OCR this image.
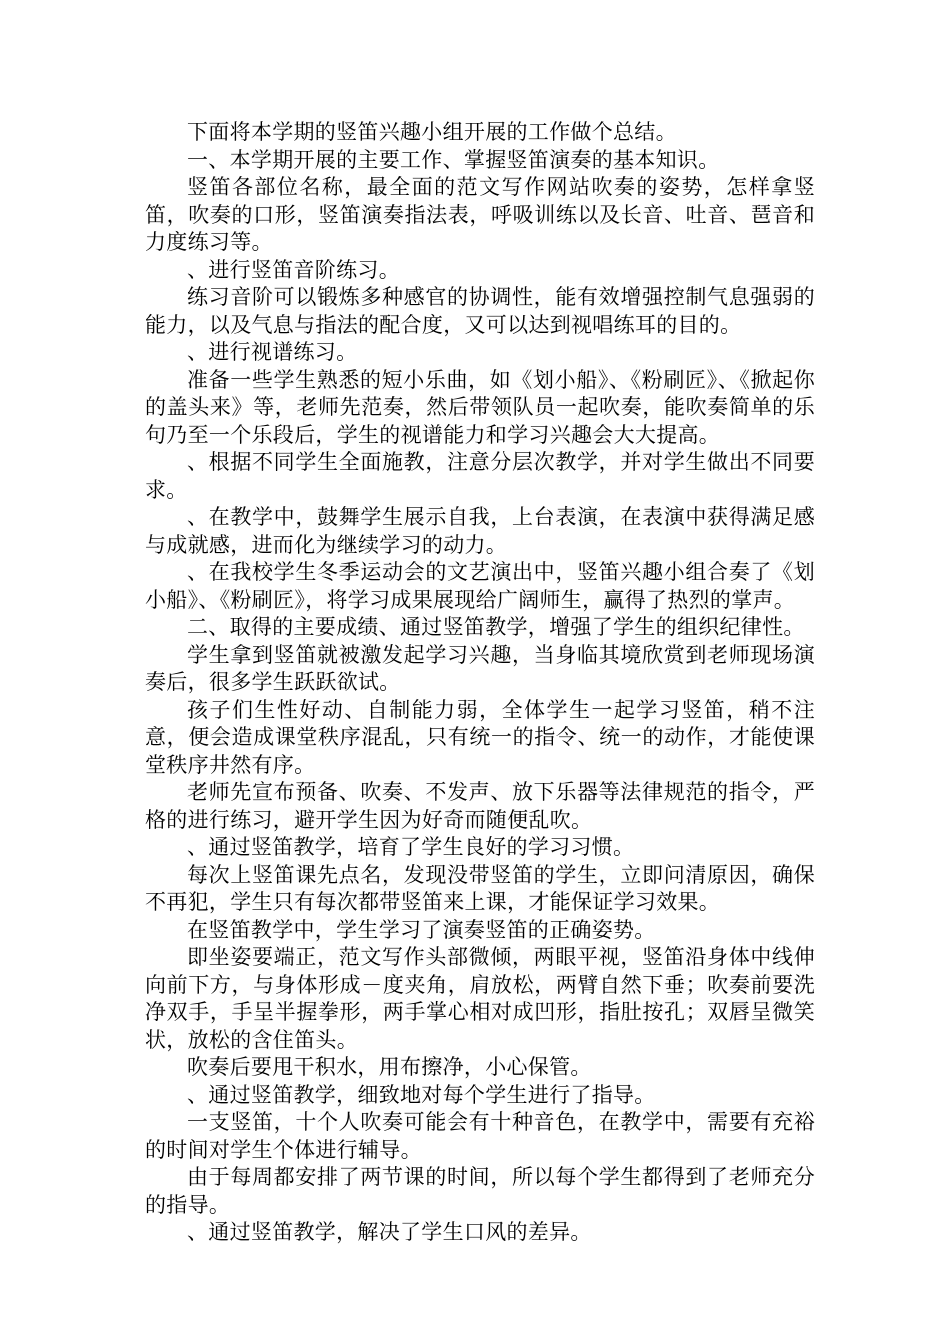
下面将本学期的竖笛兴趣小组开展的工作做个总结。

一、本学期开展的主要工作、掌握竖笛演奏的基本知识。

竖笛各部位名称，最全面的范文写作网站吹奏的姿势，怎样拿竖笛，吹奏的口形，竖笛演奏指法表，呼吸训练以及长音、吐音、琶音和力度练习等。

、进行竖笛音阶练习。

练习音阶可以锻炼多种感官的协调性，能有效增强控制气息强弱的能力，以及气息与指法的配合度，又可以达到视唱练耳的目的。

、进行视谱练习。

准备一些学生熟悉的短小乐曲，如《划小船》、《粉刷匠》、《掀起你的盖头来》等，老师先范奏，然后带领队员一起吹奏，能吹奏简单的乐句乃至一个乐段后，学生的视谱能力和学习兴趣会大大提高。

、根据不同学生全面施教，注意分层次教学，并对学生做出不同要求。

、在教学中，鼓舞学生展示自我，上台表演，在表演中获得满足感与成就感，进而化为继续学习的动力。

、在我校学生冬季运动会的文艺演出中，竖笛兴趣小组合奏了《划小船》、《粉刷匠》，将学习成果展现给广阔师生，赢得了热烈的掌声。

二、取得的主要成绩、通过竖笛教学，增强了学生的组织纪律性。

学生拿到竖笛就被激发起学习兴趣，当身临其境欣赏到老师现场演奏后，很多学生跃跃欲试。

孩子们生性好动、自制能力弱，全体学生一起学习竖笛，稍不注意，便会造成课堂秩序混乱，只有统一的指令、统一的动作，才能使课堂秩序井然有序。

老师先宣布预备、吹奏、不发声、放下乐器等法律规范的指令，严格的进行练习，避开学生因为好奇而随便乱吹。

、通过竖笛教学，培育了学生良好的学习习惯。

每次上竖笛课先点名，发现没带竖笛的学生，立即问清原因，确保不再犯，学生只有每次都带竖笛来上课，才能保证学习效果。

在竖笛教学中，学生学习了演奏竖笛的正确姿势。

即坐姿要端正，范文写作头部微倾，两眼平视，竖笛沿身体中线伸向前下方，与身体形成－度夹角，肩放松，两臂自然下垂；吹奏前要洗净双手，手呈半握拳形，两手掌心相对成凹形，指肚按孔；双唇呈微笑状，放松的含住笛头。

吹奏后要甩干积水，用布擦净，小心保管。

、通过竖笛教学，细致地对每个学生进行了指导。

一支竖笛，十个人吹奏可能会有十种音色，在教学中，需要有充裕的时间对学生个体进行辅导。

由于每周都安排了两节课的时间，所以每个学生都得到了老师充分的指导。

、通过竖笛教学，解决了学生口风的差异。
